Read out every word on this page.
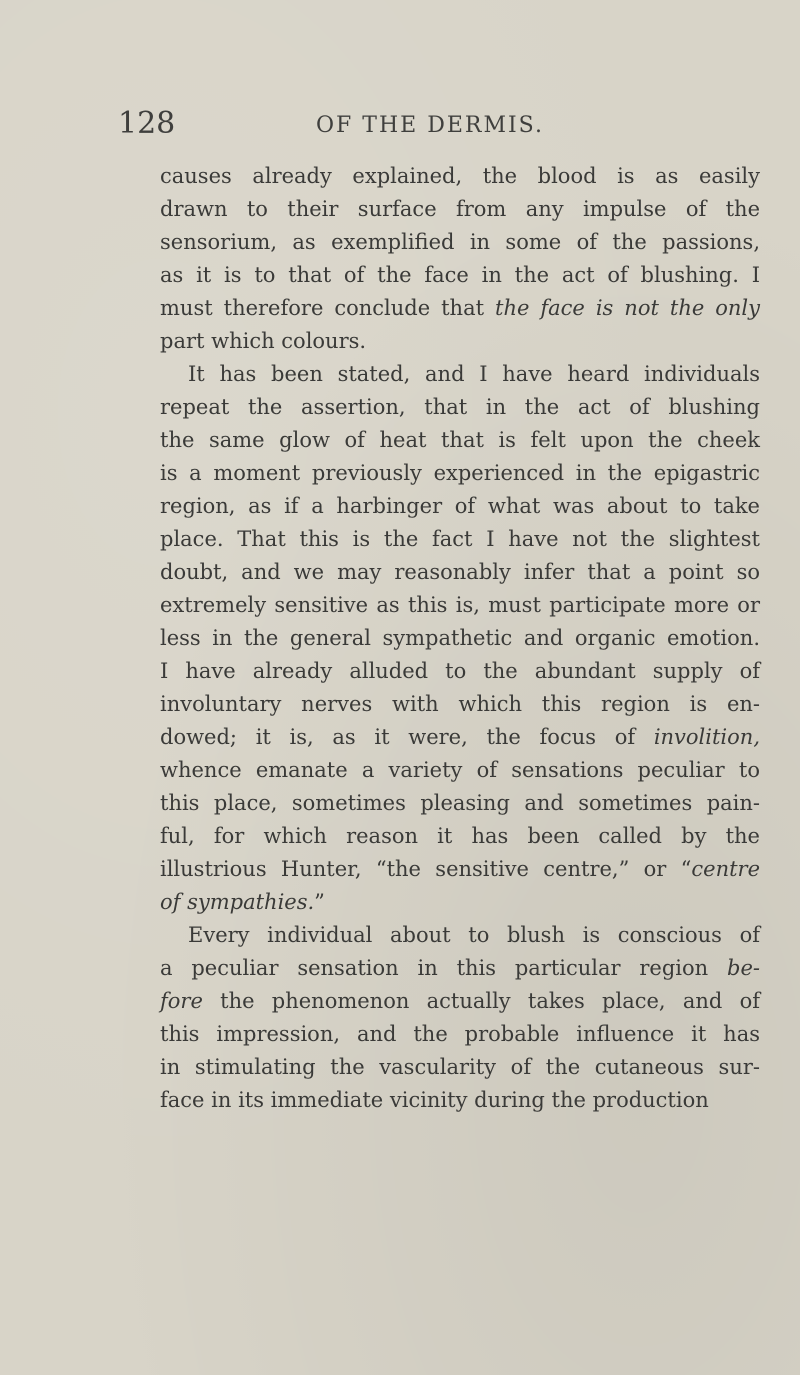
128	OF THE DERMIS.

causes already explained, the blood is as easily
drawn to their surface from any impulse of the
sensorium, as exemplified in some of the passions,
as it is to that of the face in the act of blushing. I
must therefore conclude that the face is not the only
part which colours.
It has been stated, and I have heard individuals
repeat the assertion, that in the act of blushing
the same glow of heat that is felt upon the cheek
is a moment previously experienced in the epigastric
region, as if a harbinger of what was about to take
place. That this is the fact I have not the slightest
doubt, and we may reasonably infer that a point so
extremely sensitive as this is, must participate more or
less in the general sympathetic and organic emotion.
I have already alluded to the abundant supply of
involuntary nerves with which this region is en-
dowed; it is, as it were, the focus of involition,
whence emanate a variety of sensations peculiar to
this place, sometimes pleasing and sometimes pain-
ful, for which reason it has been called by the
illustrious Hunter, “the sensitive centre,” or “centre
of sympathies.”
Every individual about to blush is conscious of
a peculiar sensation in this particular region be-
fore the phenomenon actually takes place, and of
this impression, and the probable influence it has
in stimulating the vascularity of the cutaneous sur-
face in its immediate vicinity during the production
